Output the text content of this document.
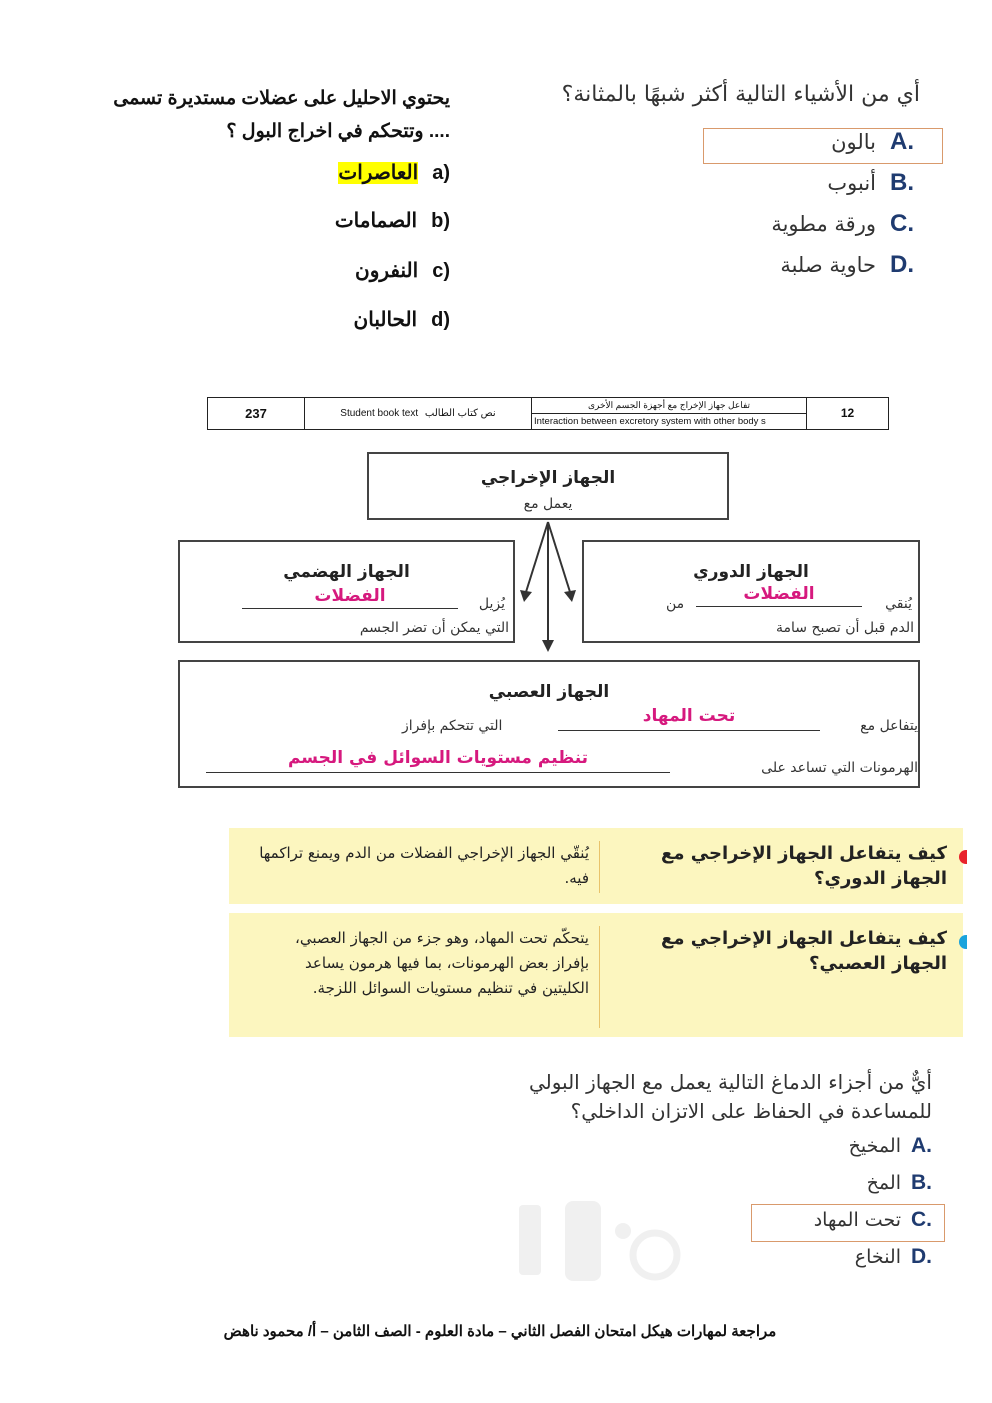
أي من الأشياء التالية أكثر شبهًا بالمثانة؟
بالون A.
أنبوب B.
ورقة مطوية C.
حاوية صلبة D.
يحتوي الاحليل على عضلات مستديرة تسمى
.... وتتحكم في اخراج البول ؟
العاصرات a)
الصمامات b)
النفرون c)
الحالبان d)
237	Student book text نص كتاب الطالب
تفاعل جهاز الإخراج مع أجهزة الجسم الأخرى
Interaction between excretory system with other body s
12
الجهاز الإخراجي
يعمل مع
الجهاز الهضمي
يُزيل
الفضلات
التي يمكن أن تضر الجسم
الجهاز الدوري
يُنقي
الفضلات
من
الدم قبل أن تصبح سامة
الجهاز العصبي
يتفاعل مع
تحت المهاد
التي تتحكم بإفراز
الهرمونات التي تساعد على
تنظيم مستويات السوائل في الجسم
كيف يتفاعل الجهاز الإخراجي مع الجهاز الدوري؟
يُنقّي الجهاز الإخراجي الفضلات من الدم ويمنع تراكمها فيه.
كيف يتفاعل الجهاز الإخراجي مع الجهاز العصبي؟
يتحكّم تحت المهاد، وهو جزء من الجهاز العصبي، بإفراز بعض الهرمونات، بما فيها هرمون يساعد الكليتين في تنظيم مستويات السوائل اللزجة.
أيٌّ من أجزاء الدماغ التالية يعمل مع الجهاز البولي للمساعدة في الحفاظ على الاتزان الداخلي؟
المخيخ A.
المخ B.
تحت المهاد C.
النخاع D.
مراجعة لمهارات هيكل امتحان الفصل الثاني – مادة العلوم - الصف الثامن – أ/ محمود ناهض
